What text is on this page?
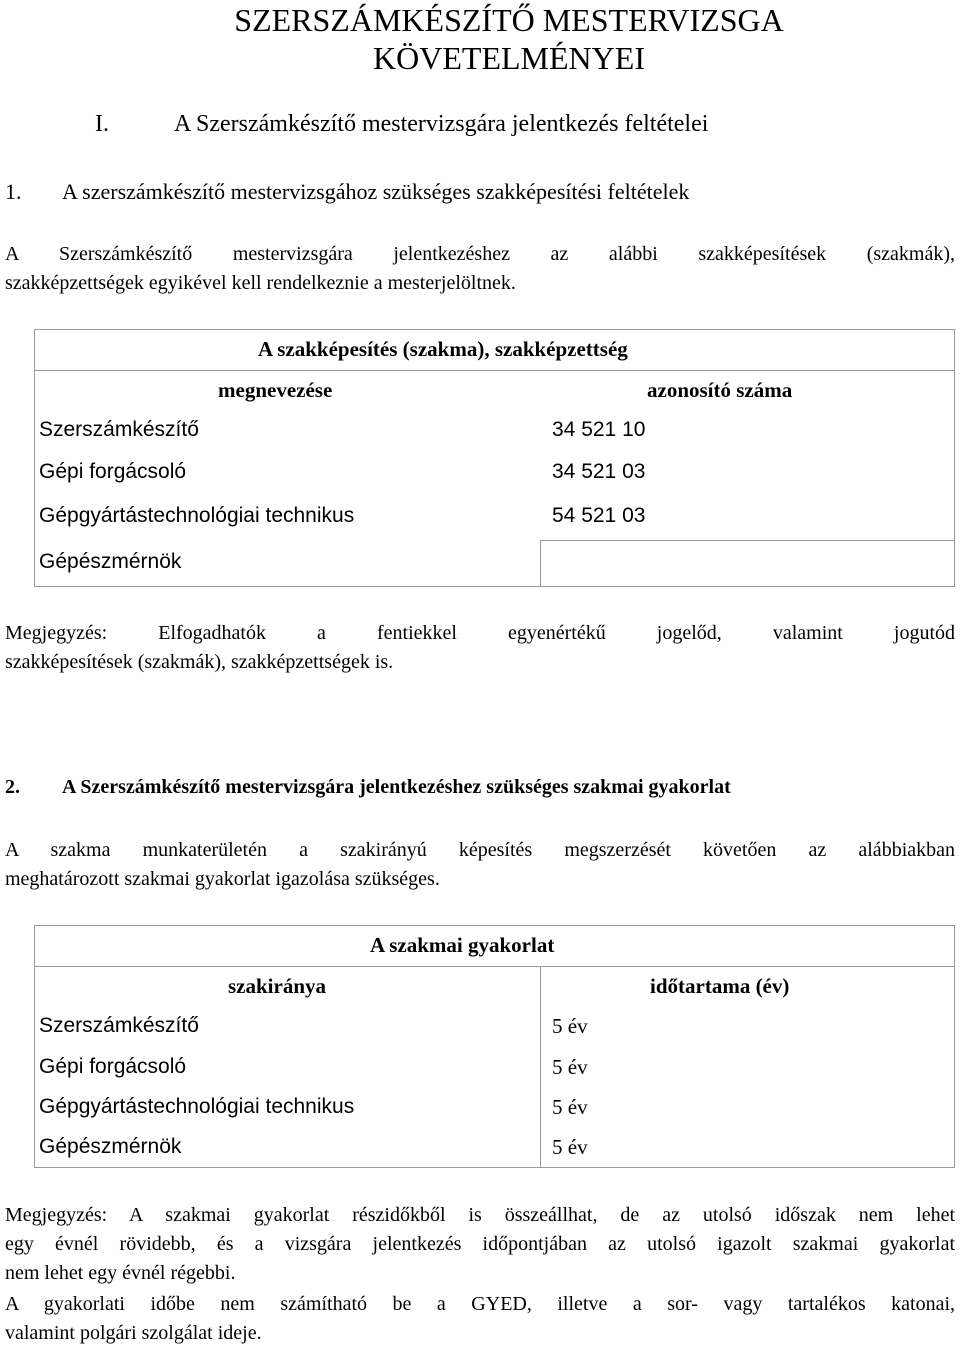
SZERSZÁMKÉSZÍTŐ MESTERVIZSGA
KÖVETELMÉNYEI
I.	A Szerszámkészítő mestervizsgára jelentkezés feltételei
1. A szerszámkészítő mestervizsgához szükséges szakképesítési feltételek
A Szerszámkészítő mestervizsgára jelentkezéshez az alábbi szakképesítések (szakmák),
szakképzettségek egyikével kell rendelkeznie a mesterjelöltnek.
A szakképesítés (szakma), szakképzettség
megnevezése	azonosító száma
Szerszámkészítő	34 521 10
Gépi forgácsoló	34 521 03
Gépgyártástechnológiai technikus	54 521 03
Gépészmérnök
Megjegyzés: Elfogadhatók a fentiekkel egyenértékű jogelőd, valamint jogutód
szakképesítések (szakmák), szakképzettségek is.
2. A Szerszámkészítő mestervizsgára jelentkezéshez szükséges szakmai gyakorlat
A szakma munkaterületén a szakirányú képesítés megszerzését követően az alábbiakban
meghatározott szakmai gyakorlat igazolása szükséges.
A szakmai gyakorlat
szakiránya	időtartama (év)
Szerszámkészítő	5 év
Gépi forgácsoló	5 év
Gépgyártástechnológiai technikus	5 év
Gépészmérnök	5 év
Megjegyzés: A szakmai gyakorlat részidőkből is összeállhat, de az utolsó időszak nem lehet
egy évnél rövidebb, és a vizsgára jelentkezés időpontjában az utolsó igazolt szakmai gyakorlat
nem lehet egy évnél régebbi.
A gyakorlati időbe nem számítható be a GYED, illetve a sor- vagy tartalékos katonai,
valamint polgári szolgálat ideje.
